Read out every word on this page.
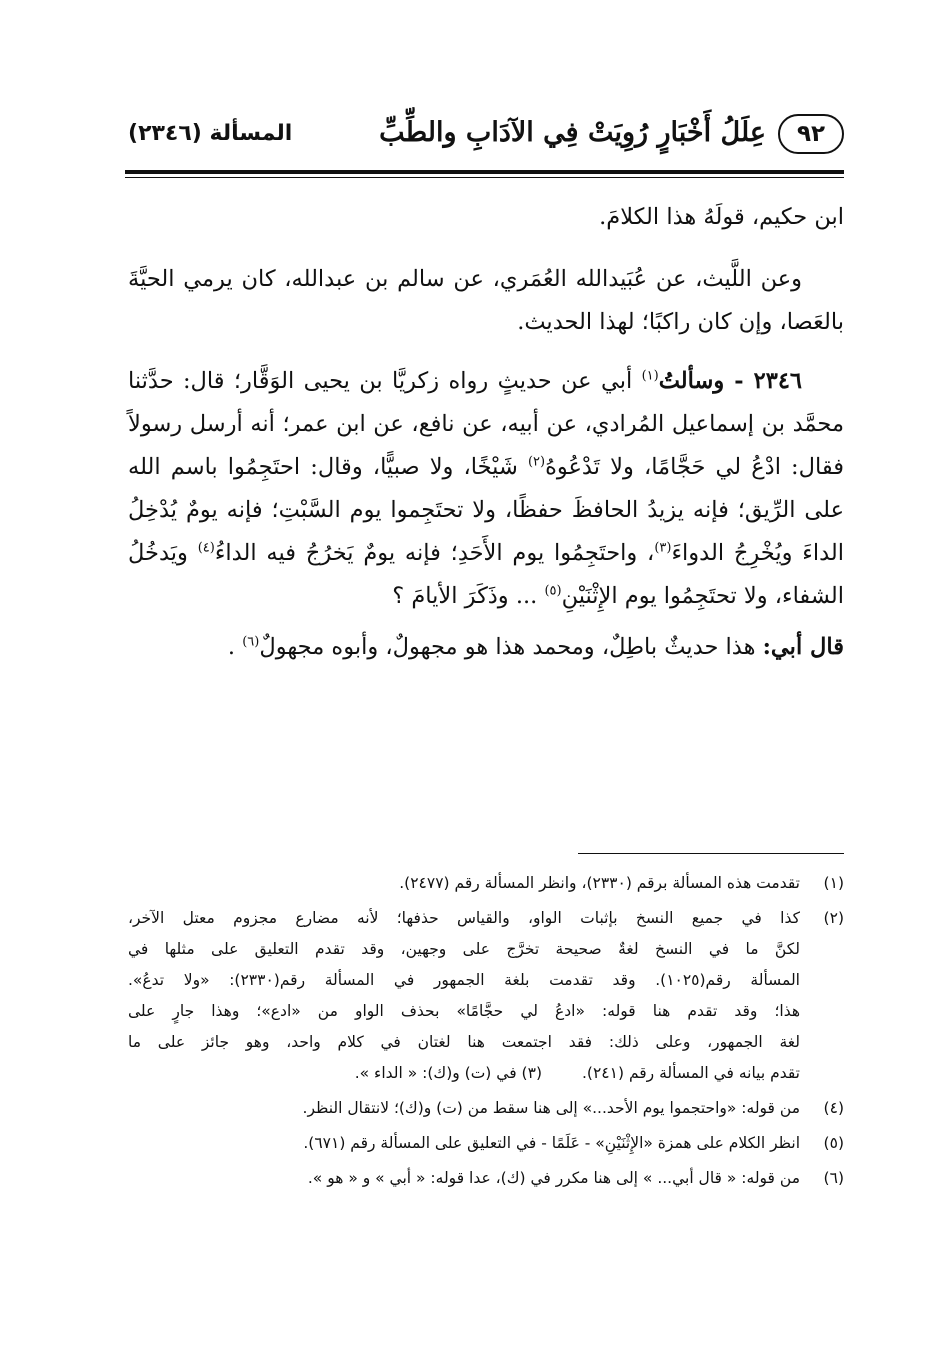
٩٢
عِلَلُ أَخْبَارٍ رُوِيَتْ فِي الآدَابِ والطِّبِّ
المسألة (٢٣٤٦)

ابن حكيم، قولَهُ هذا الكلامَ.

وعن اللَّيث، عن عُبَيدالله العُمَري، عن سالم بن عبدالله، كان يرمي الحيَّةَ بالعَصا، وإن كان راكبًا؛ لهذا الحديث.

٢٣٤٦ - وسألتُ$^{(١)}$ أبي عن حديثٍ رواه زكريَّا بن يحيى الوَقَّار؛ قال: حدَّثنا محمَّد بن إسماعيل المُرادي، عن أبيه، عن نافع، عن ابن عمر؛ أنه أرسل رسولاً فقال: ادْعُ لي حَجَّامًا، ولا تَدْعُوهُ$^{(٢)}$ شَيْخًا، ولا صبيًّا، وقال: احتَجِمُوا باسم الله على الرِّيق؛ فإنه يزيدُ الحافظَ حفظًا، ولا تحتَجِموا يوم السَّبْتِ؛ فإنه يومٌ يُدْخِلُ الداءَ ويُخْرِجُ الدواءَ$^{(٣)}$، واحتَجِمُوا يوم الأَحَدِ؛ فإنه يومٌ يَخرُجُ فيه الداءُ$^{(٤)}$ ويَدخُلُ الشفاء، ولا تحتَجِمُوا يوم الإِثْنَيْنِ$^{(٥)}$ ... وذَكَرَ الأيامَ ؟

قال أبي: هذا حديثٌ باطِلٌ، ومحمد هذا هو مجهولٌ، وأبوه مجهولٌ$^{(٦)}$ .

(١)
تقدمت هذه المسألة برقم (٢٣٣٠)، وانظر المسألة رقم (٢٤٧٧).
(٢)
كذا في جميع النسخ بإثبات الواو، والقياس حذفها؛ لأنه مضارع مجزوم معتل الآخر،
لكنَّ ما في النسخ لغةٌ صحيحة تخرَّج على وجهين، وقد تقدم التعليق على مثلها في
المسألة رقم(١٠٢٥). وقد تقدمت بلغة الجمهور في المسألة رقم(٢٣٣٠): «ولا تدعُ».
هذا؛ وقد تقدم هنا قوله: «ادعُ لي حجَّامًا» بحذف الواو من «ادع»؛ وهذا جارٍ على
لغة الجمهور، وعلى ذلك: فقد اجتمعت هنا لغتان في كلام واحد، وهو جائز على ما
تقدم بيانه في المسألة رقم (٢٤١).(٣) في (ت) و(ك): « الداء ».
(٤)
من قوله: «واحتجموا يوم الأحد...» إلى هنا سقط من (ت) و(ك)؛ لانتقال النظر.
(٥)
انظر الكلام على همزة «الإِثْنَيْنِ» - عَلَمًا - في التعليق على المسألة رقم (٦٧١).
(٦)
من قوله: « قال أبي... » إلى هنا مكرر في (ك)، عدا قوله: « أبي » و « هو ».
